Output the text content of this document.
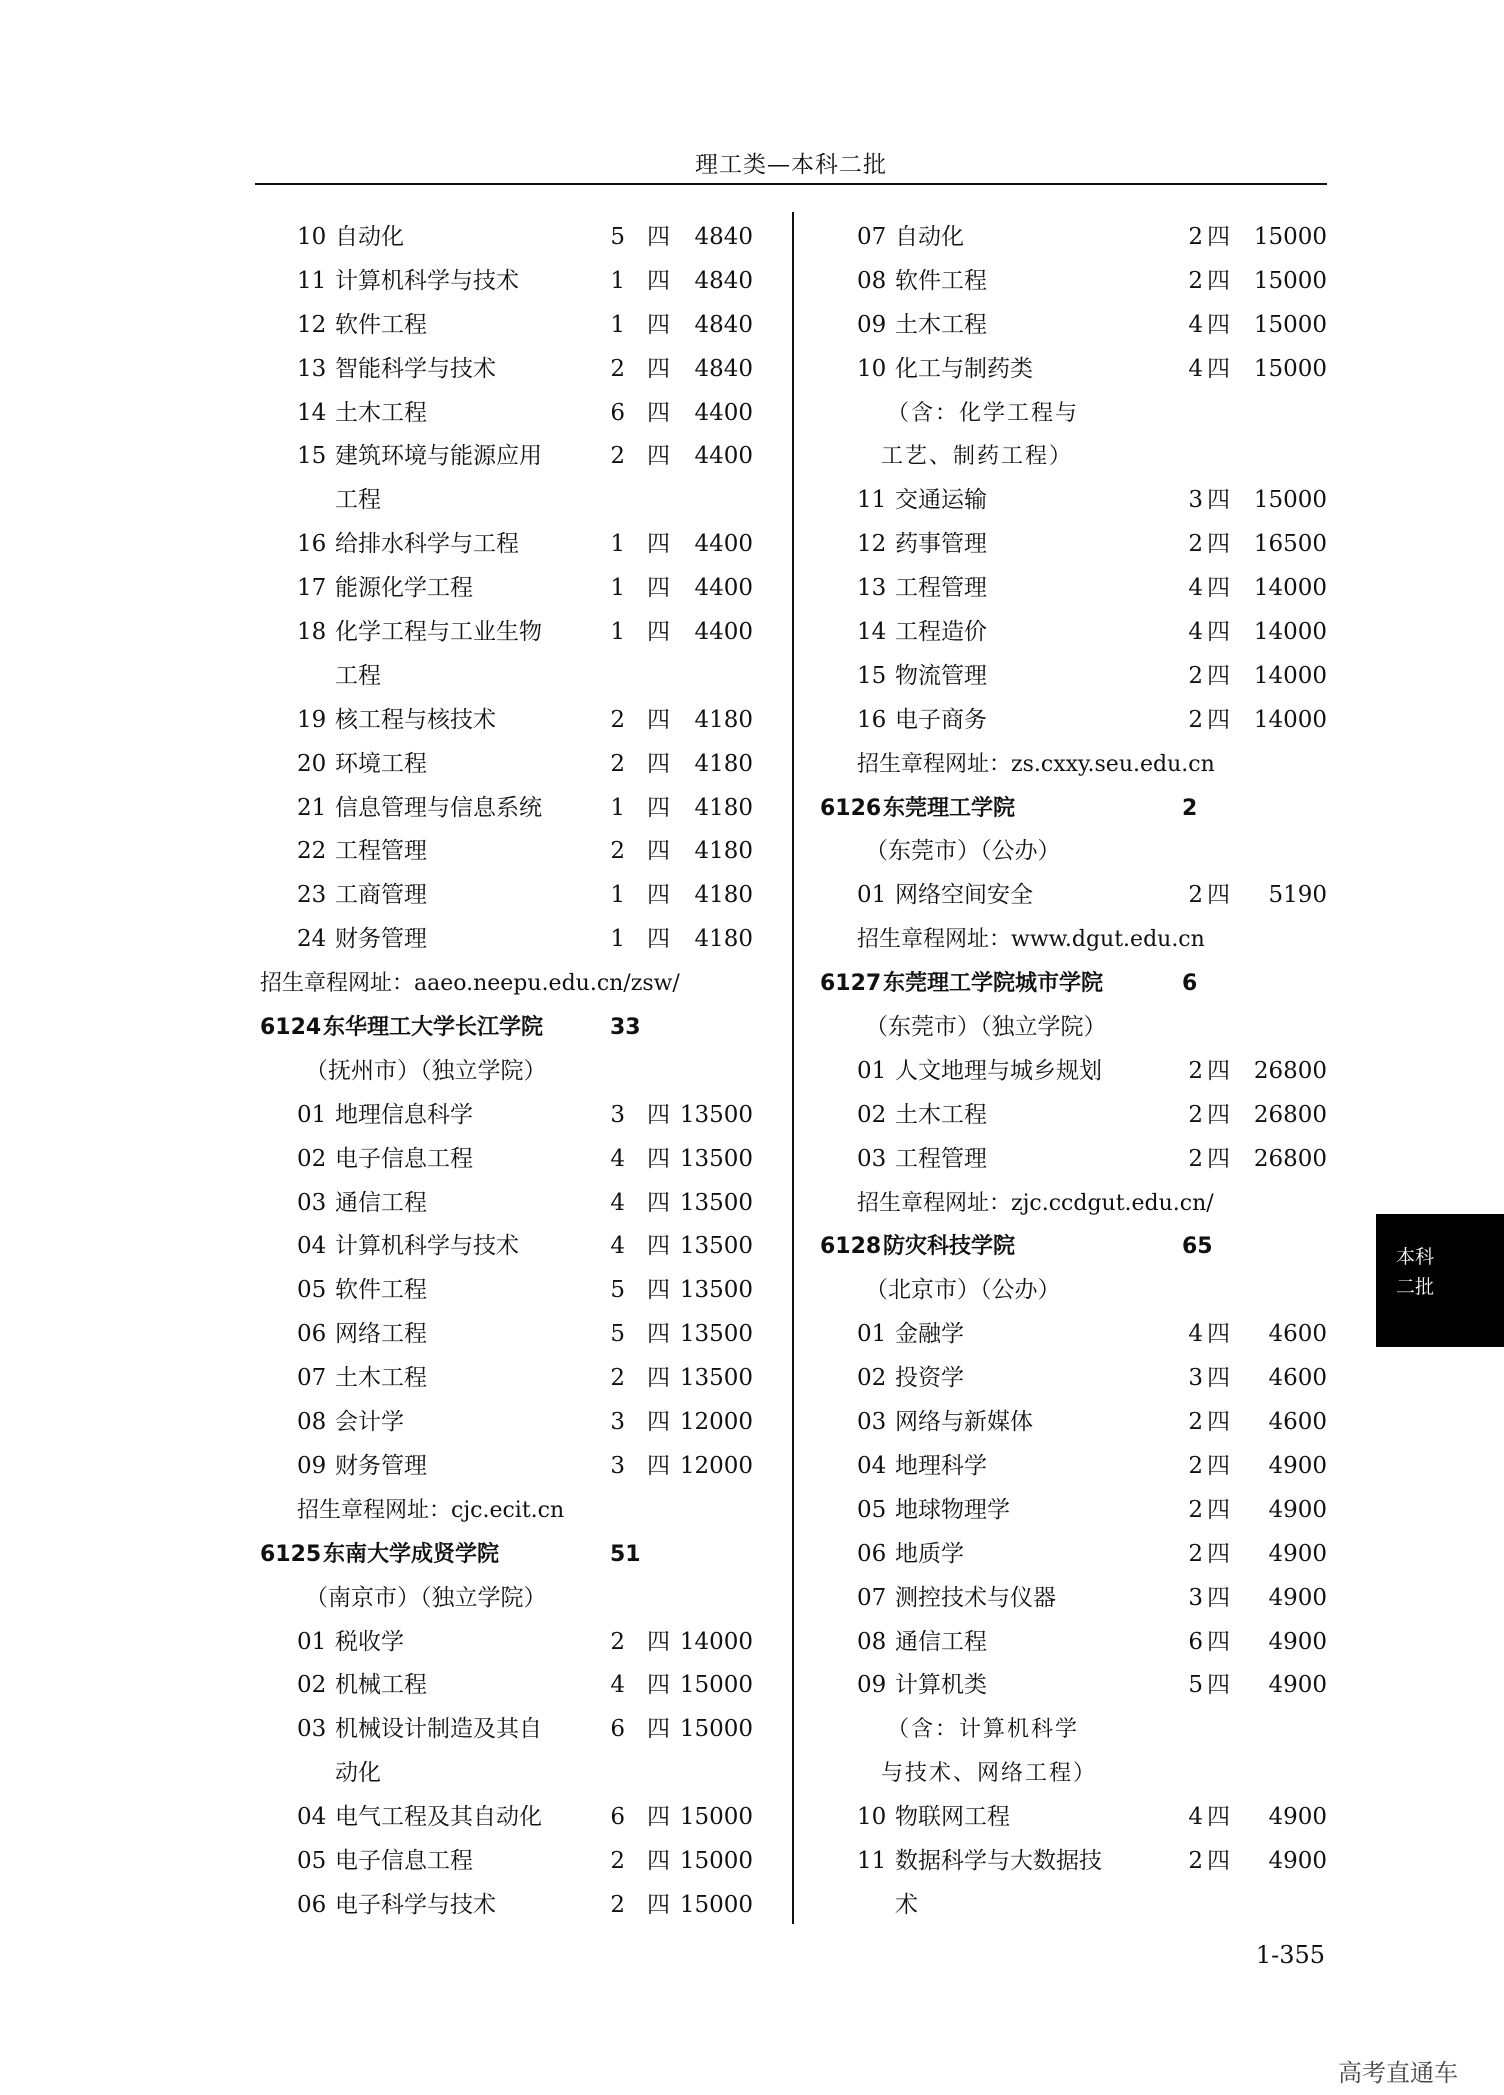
理工类—本科二批
10 自动化	5 四	4840
11 计算机科学与技术	1 四	4840
12 软件工程	1 四	4840
13 智能科学与技术	2 四	4840
14 土木工程	6 四	4400
15 建筑环境与能源应用	2 四	4400
工程
16 给排水科学与工程	1 四	4400
17 能源化学工程	1 四	4400
18 化学工程与工业生物	1 四	4400
工程
19 核工程与核技术	2 四	4180
20 环境工程	2 四	4180
21 信息管理与信息系统	1 四	4180
22 工程管理	2 四	4180
23 工商管理	1 四	4180
24 财务管理	1 四	4180
招生章程网址：aaeo.neepu.edu.cn/zsw/
6124 东华理工大学长江学院	33
（抚州市）（独立学院）
01 地理信息科学	3 四 13500
02 电子信息工程	4 四 13500
03 通信工程	4 四 13500
04 计算机科学与技术	4 四 13500
05 软件工程	5 四 13500
06 网络工程	5 四 13500
07 土木工程	2 四 13500
08 会计学	3 四 12000
09 财务管理	3 四 12000
招生章程网址：cjc.ecit.cn
6125 东南大学成贤学院	51
（南京市）（独立学院）
01 税收学	2 四 14000
02 机械工程	4 四 15000
03 机械设计制造及其自	6 四 15000
动化
04 电气工程及其自动化	6 四 15000
05 电子信息工程	2 四 15000
06 电子科学与技术	2 四 15000
07 自动化	2 四	15000
08 软件工程	2 四	15000
09 土木工程	4 四	15000
10 化工与制药类	4 四	15000
（含：化学工程与
工艺、制药工程）
11 交通运输	3 四	15000
12 药事管理	2 四	16500
13 工程管理	4 四	14000
14 工程造价	4 四	14000
15 物流管理	2 四	14000
16 电子商务	2 四	14000
招生章程网址：zs.cxxy.seu.edu.cn
6126 东莞理工学院	2
（东莞市）（公办）
01 网络空间安全	2 四	5190
招生章程网址：www.dgut.edu.cn
6127 东莞理工学院城市学院	6
（东莞市）（独立学院）
01 人文地理与城乡规划	2 四	26800
02 土木工程	2 四	26800
03 工程管理	2 四	26800
招生章程网址：zjc.ccdgut.edu.cn/
6128 防灾科技学院	65
（北京市）（公办）
01 金融学	4 四	4600
02 投资学	3 四	4600
03 网络与新媒体	2 四	4600
04 地理科学	2 四	4900
05 地球物理学	2 四	4900
06 地质学	2 四	4900
07 测控技术与仪器	3 四	4900
08 通信工程	6 四	4900
09 计算机类	5 四	4900
（含：计算机科学
与技术、网络工程）
10 物联网工程	4 四	4900
11 数据科学与大数据技	2 四	4900
术
本科
二批
1-355
高考直通车
